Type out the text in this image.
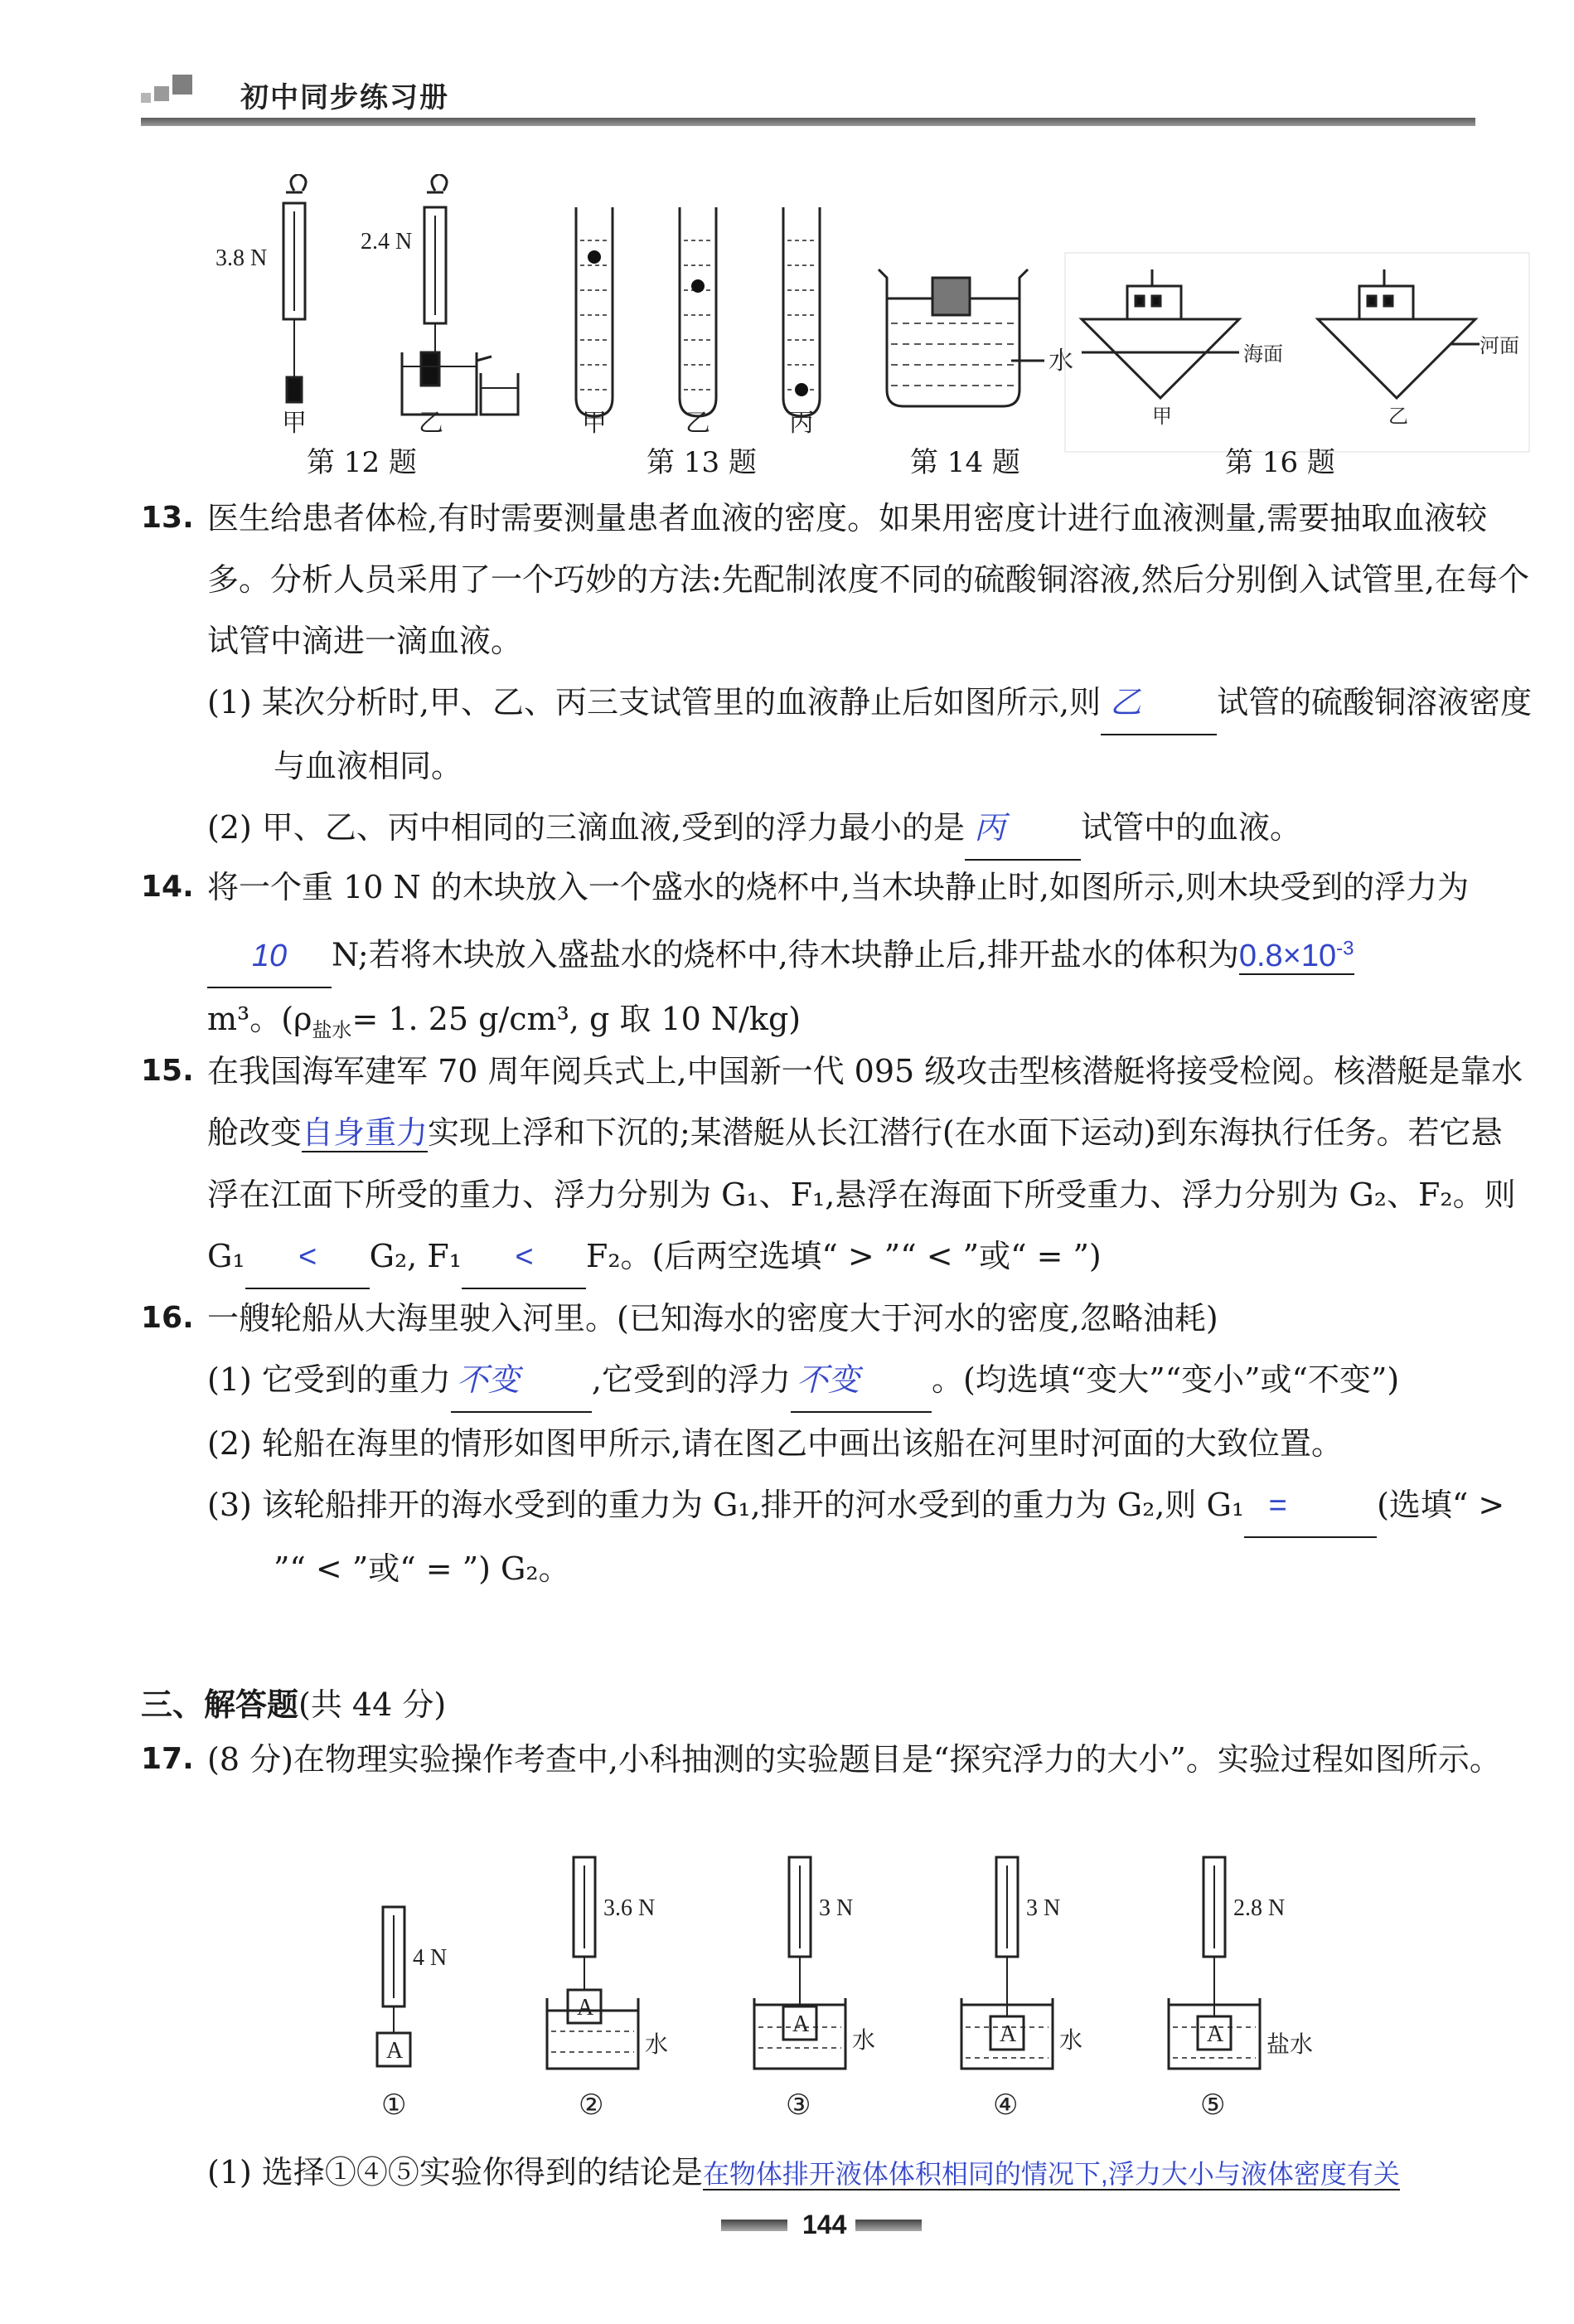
初中同步练习册
3.8 N
2.4 N
甲	乙	甲	乙	丙
水	海面	河面
甲	乙
第 12 题	第 13 题	第 14 题	第 16 题
13. 医生给患者体检,有时需要测量患者血液的密度。如果用密度计进行血液测量,需要抽取血液较多。分析人员采用了一个巧妙的方法:先配制浓度不同的硫酸铜溶液,然后分别倒入试管里,在每个试管中滴进一滴血液。
(1) 某次分析时,甲、乙、丙三支试管里的血液静止后如图所示,则 乙 试管的硫酸铜溶液密度与血液相同。
(2) 甲、乙、丙中相同的三滴血液,受到的浮力最小的是 丙 试管中的血液。
14. 将一个重 10 N 的木块放入一个盛水的烧杯中,当木块静止时,如图所示,则木块受到的浮力为10 N;若将木块放入盛盐水的烧杯中,待木块静止后,排开盐水的体积为$0.8\times 10^{-3}$
m³。($\rho_{盐水}= 1$. 25 g/cm³, g 取 10 N/kg)
15. 在我国海军建军 70 周年阅兵式上,中国新一代 095 级攻击型核潜艇将接受检阅。核潜艇是靠水舱改变自身重力实现上浮和下沉的;某潜艇从长江潜行(在水面下运动)到东海执行任务。若它悬浮在江面下所受的重力、浮力分别为 G₁、F₁,悬浮在海面下所受重力、浮力分别为 G₂、F₂。则 G₁ < G₂, F₁ < F₂。(后两空选填“ > ”“ < ”或“ = ”)
16. 一艘轮船从大海里驶入河里。(已知海水的密度大于河水的密度,忽略油耗)
(1) 它受到的重力 不变 ,它受到的浮力 不变 。(均选填“变大”“变小”或“不变”)
(2) 轮船在海里的情形如图甲所示,请在图乙中画出该船在河里时河面的大致位置。
(3) 该轮船排开的海水受到的重力为 G₁,排开的河水受到的重力为 G₂,则 G₁ =	(选填“ > ”“ < ”或“ = ”) G₂。
三、解答题(共 44 分)
17. (8 分)在物理实验操作考查中,小科抽测的实验题目是“探究浮力的大小”。实验过程如图所示。
4 N
3.6 N	3 N	3 N	2.8 N
A
A
A	A	A
水	水	水	盐水
①	②	③	④	⑤
(1) 选择①④⑤实验你得到的结论是在物体排开液体体积相同的情况下,浮力大小与液体密度有关
144
